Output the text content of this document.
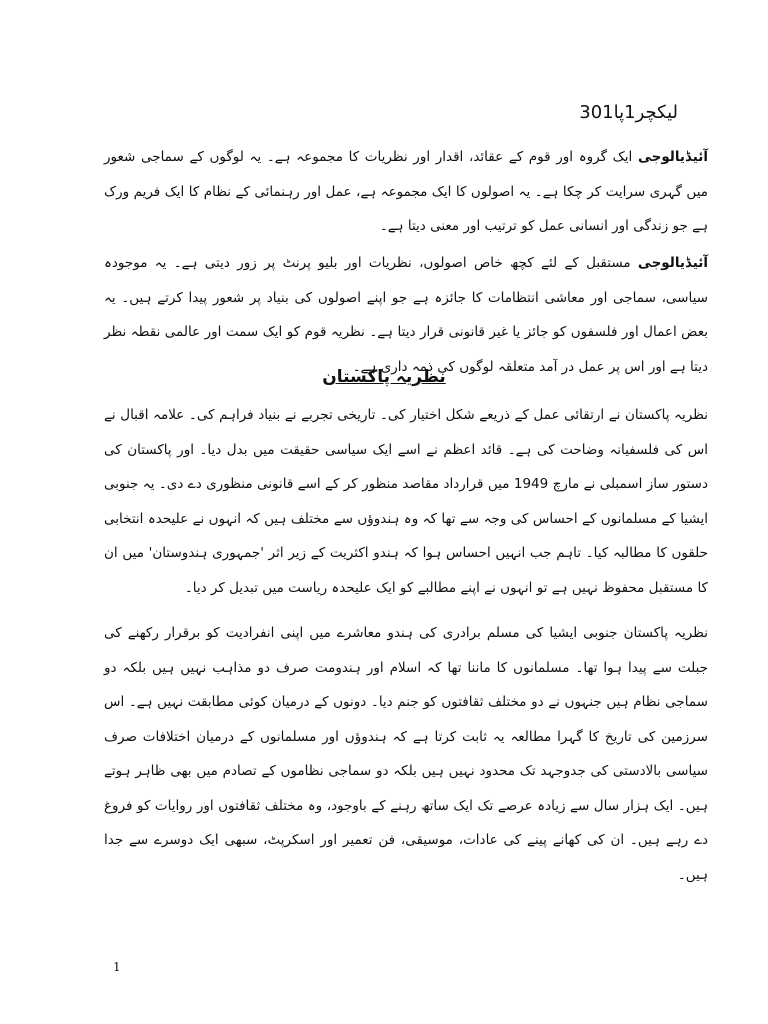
لیکچر1پا301

آئیڈیالوجی ایک گروہ اور قوم کے عقائد، اقدار اور نظریات کا مجموعہ ہے۔ یہ لوگوں کے سماجی شعور میں گہری سرایت کر چکا ہے۔ یہ اصولوں کا ایک مجموعہ ہے، عمل اور رہنمائی کے نظام کا ایک فریم ورک ہے جو زندگی اور انسانی عمل کو ترتیب اور معنی دیتا ہے۔

آئیڈیالوجی مستقبل کے لئے کچھ خاص اصولوں، نظریات اور بلیو پرنٹ پر زور دیتی ہے۔ یہ موجودہ سیاسی، سماجی اور معاشی انتظامات کا جائزہ ہے جو اپنے اصولوں کی بنیاد پر شعور پیدا کرتے ہیں۔ یہ بعض اعمال اور فلسفوں کو جائز یا غیر قانونی قرار دیتا ہے۔ نظریہ قوم کو ایک سمت اور عالمی نقطہ نظر دیتا ہے اور اس پر عمل در آمد متعلقہ لوگوں کی ذمہ داری ہے۔

نظریہ پاکستان

نظریہ پاکستان نے ارتقائی عمل کے ذریعے شکل اختیار کی۔ تاریخی تجربے نے بنیاد فراہم کی۔ علامہ اقبال نے اس کی فلسفیانہ وضاحت کی ہے۔ قائد اعظم نے اسے ایک سیاسی حقیقت میں بدل دیا۔ اور پاکستان کی دستور ساز اسمبلی نے مارچ 1949 میں قرارداد مقاصد منظور کر کے اسے قانونی منظوری دے دی۔ یہ جنوبی ایشیا کے مسلمانوں کے احساس کی وجہ سے تھا کہ وہ ہندوؤں سے مختلف ہیں کہ انہوں نے علیحدہ انتخابی حلقوں کا مطالبہ کیا۔ تاہم جب انہیں احساس ہوا کہ ہندو اکثریت کے زیر اثر 'جمہوری ہندوستان' میں ان کا مستقبل محفوظ نہیں ہے تو انہوں نے اپنے مطالبے کو ایک علیحدہ ریاست میں تبدیل کر دیا۔

نظریہ پاکستان جنوبی ایشیا کی مسلم برادری کی ہندو معاشرے میں اپنی انفرادیت کو برقرار رکھنے کی جبلت سے پیدا ہوا تھا۔ مسلمانوں کا ماننا تھا کہ اسلام اور ہندومت صرف دو مذاہب نہیں ہیں بلکہ دو سماجی نظام ہیں جنہوں نے دو مختلف ثقافتوں کو جنم دیا۔ دونوں کے درمیان کوئی مطابقت نہیں ہے۔ اس سرزمین کی تاریخ کا گہرا مطالعہ یہ ثابت کرتا ہے کہ ہندوؤں اور مسلمانوں کے درمیان اختلافات صرف سیاسی بالادستی کی جدوجہد تک محدود نہیں ہیں بلکہ دو سماجی نظاموں کے تصادم میں بھی ظاہر ہوتے ہیں۔ ایک ہزار سال سے زیادہ عرصے تک ایک ساتھ رہنے کے باوجود، وہ مختلف ثقافتوں اور روایات کو فروغ دے رہے ہیں۔ ان کی کھانے پینے کی عادات، موسیقی، فن تعمیر اور اسکرپٹ، سبھی ایک دوسرے سے جدا ہیں۔

1
